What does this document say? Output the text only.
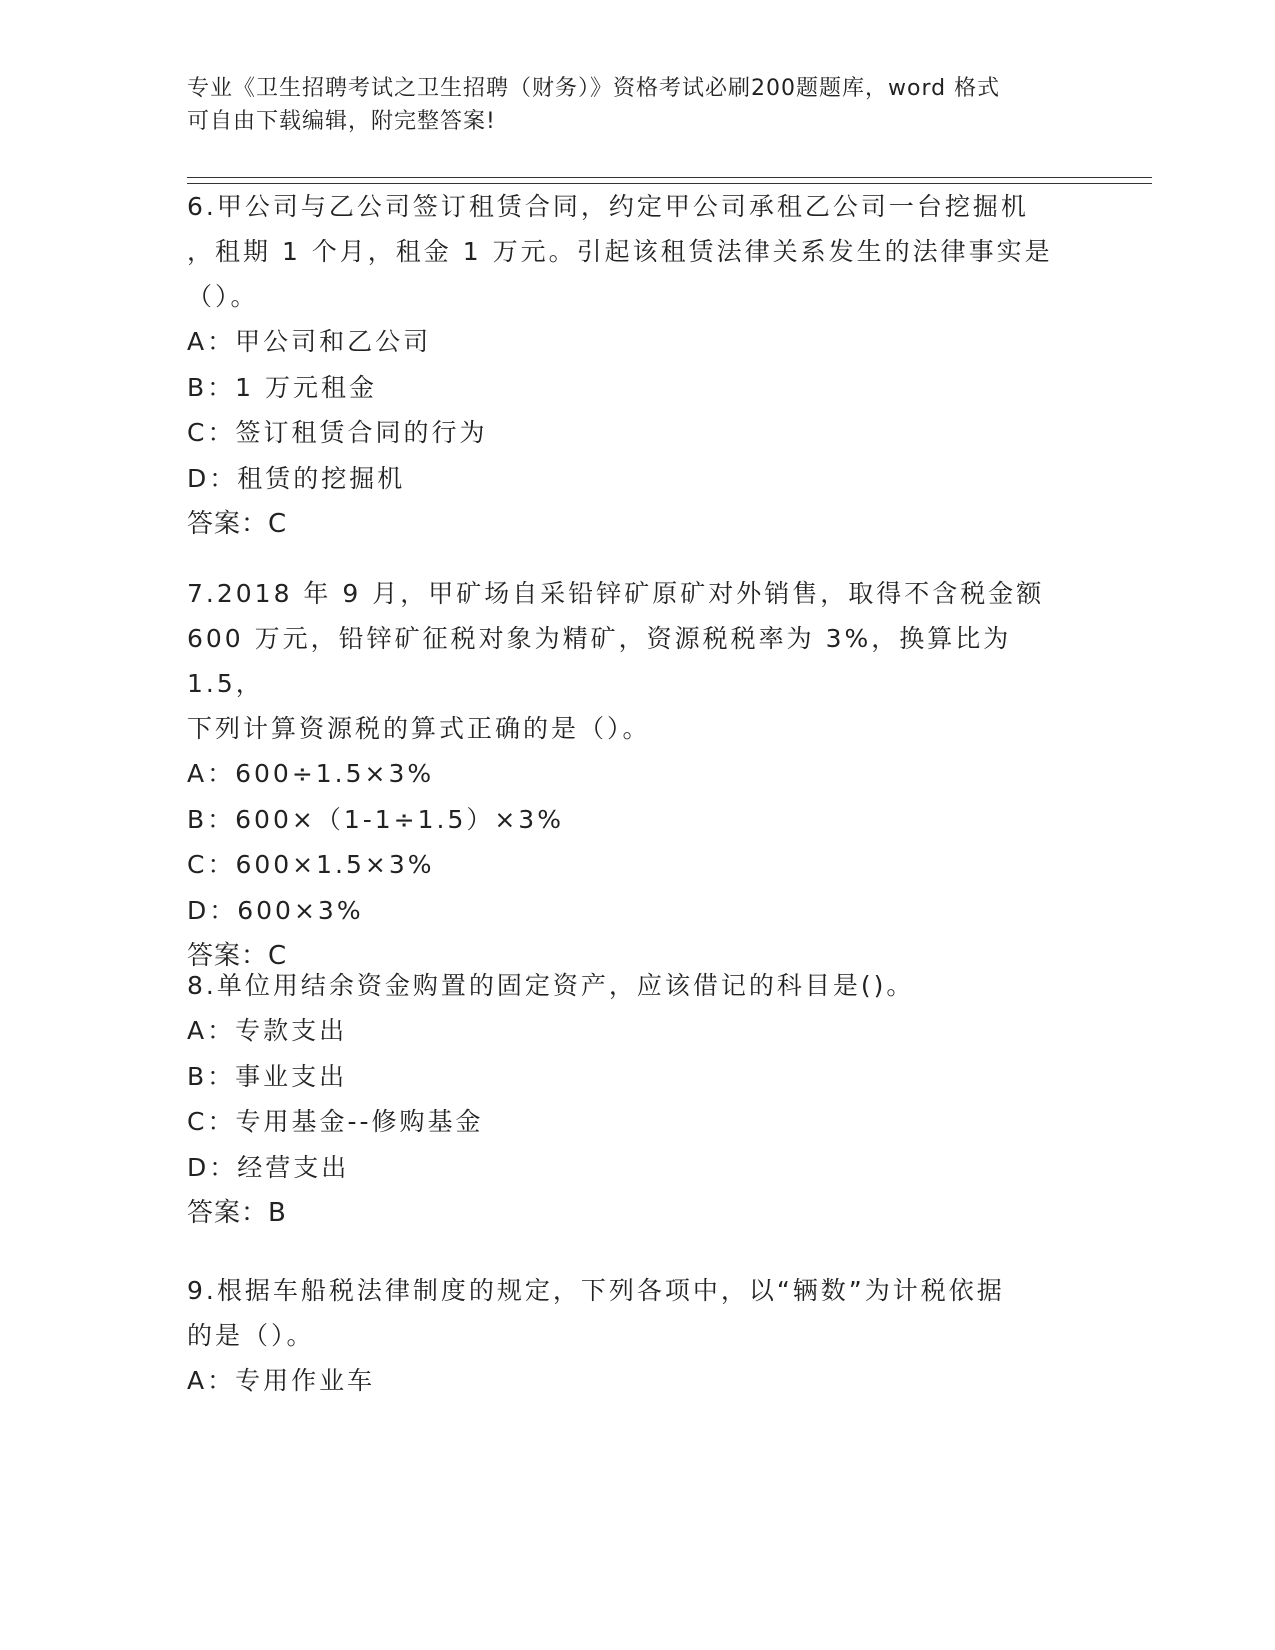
专业《卫生招聘考试之卫生招聘（财务）》资格考试必刷200题题库，word 格式
可自由下载编辑，附完整答案!
6.甲公司与乙公司签订租赁合同，约定甲公司承租乙公司一台挖掘机
，租期 1 个月，租金 1 万元。引起该租赁法律关系发生的法律事实是
（）。
A：甲公司和乙公司
B：1 万元租金
C：签订租赁合同的行为
D：租赁的挖掘机
答案：C
7.2018 年 9 月，甲矿场自采铅锌矿原矿对外销售，取得不含税金额
600 万元，铅锌矿征税对象为精矿，资源税税率为 3%，换算比为 1.5，
下列计算资源税的算式正确的是（）。
A：600÷1.5×3%
B：600×（1-1÷1.5）×3%
C：600×1.5×3%
D：600×3%
答案：C
8.单位用结余资金购置的固定资产，应该借记的科目是()。
A：专款支出
B：事业支出
C：专用基金--修购基金
D：经营支出
答案：B
9.根据车船税法律制度的规定，下列各项中，以“辆数”为计税依据
的是（）。
A：专用作业车
